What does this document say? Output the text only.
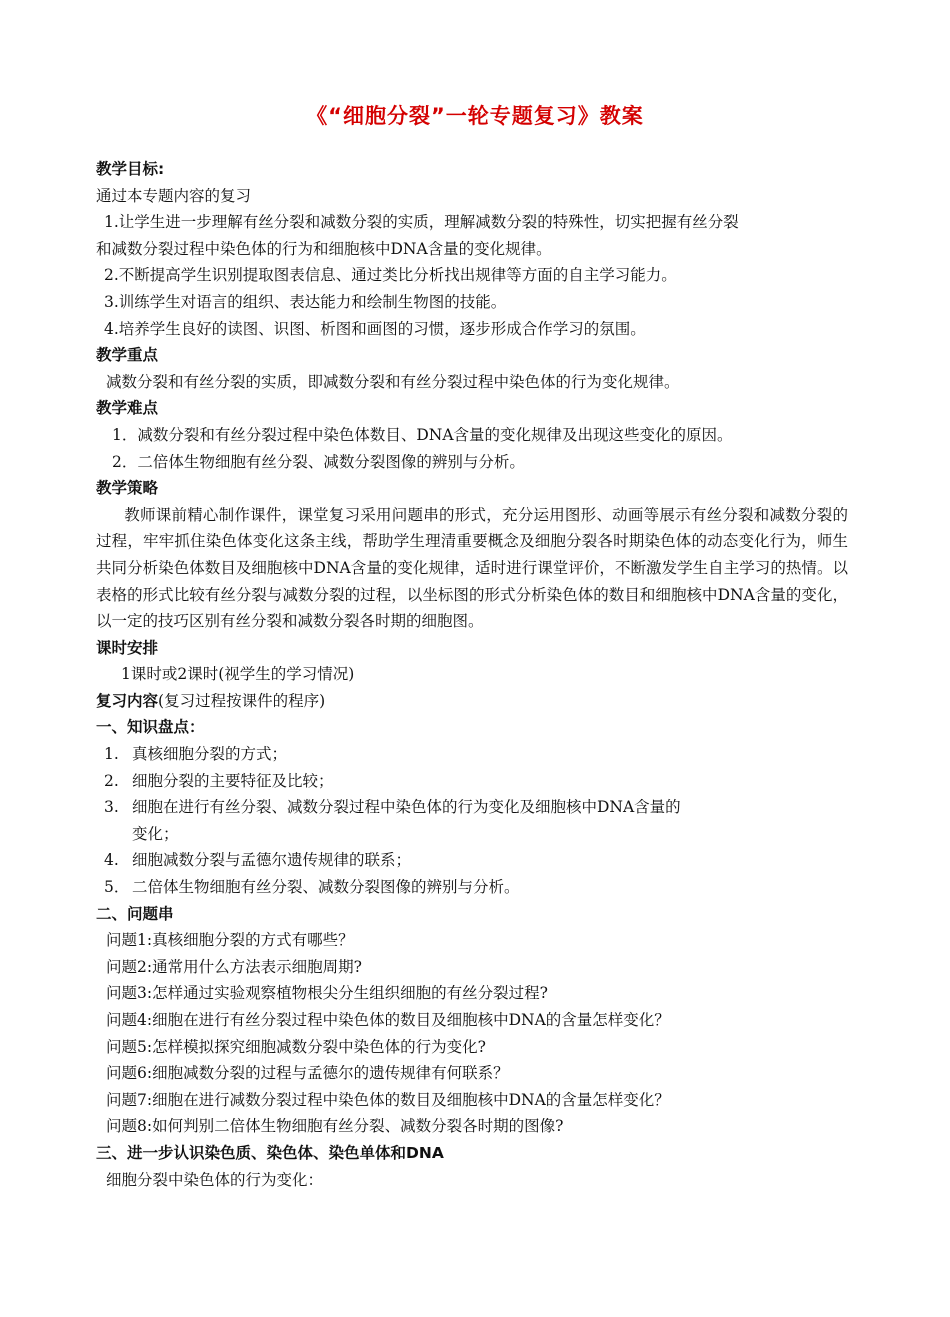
《“细胞分裂”一轮专题复习》教案
教学目标:
通过本专题内容的复习
1.让学生进一步理解有丝分裂和减数分裂的实质，理解减数分裂的特殊性，切实把握有丝分裂
和减数分裂过程中染色体的行为和细胞核中DNA含量的变化规律。
2.不断提高学生识别提取图表信息、通过类比分析找出规律等方面的自主学习能力。
3.训练学生对语言的组织、表达能力和绘制生物图的技能。
4.培养学生良好的读图、识图、析图和画图的习惯，逐步形成合作学习的氛围。
教学重点
减数分裂和有丝分裂的实质，即减数分裂和有丝分裂过程中染色体的行为变化规律。
教学难点
1．减数分裂和有丝分裂过程中染色体数目、DNA含量的变化规律及出现这些变化的原因。
2．二倍体生物细胞有丝分裂、减数分裂图像的辨别与分析。
教学策略
教师课前精心制作课件，课堂复习采用问题串的形式，充分运用图形、动画等展示有丝分裂和减数分裂的过程，牢牢抓住染色体变化这条主线，帮助学生理清重要概念及细胞分裂各时期染色体的动态变化行为，师生共同分析染色体数目及细胞核中DNA含量的变化规律，适时进行课堂评价，不断激发学生自主学习的热情。以表格的形式比较有丝分裂与减数分裂的过程，以坐标图的形式分析染色体的数目和细胞核中DNA含量的变化，以一定的技巧区别有丝分裂和减数分裂各时期的细胞图。
课时安排
1课时或2课时(视学生的学习情况)
复习内容(复习过程按课件的程序)
一、知识盘点：
1. 真核细胞分裂的方式；
2. 细胞分裂的主要特征及比较；
3. 细胞在进行有丝分裂、减数分裂过程中染色体的行为变化及细胞核中DNA含量的
变化；
4. 细胞减数分裂与孟德尔遗传规律的联系；
5． 二倍体生物细胞有丝分裂、减数分裂图像的辨别与分析。
二、问题串
问题1:真核细胞分裂的方式有哪些？
问题2:通常用什么方法表示细胞周期?
问题3:怎样通过实验观察植物根尖分生组织细胞的有丝分裂过程?
问题4:细胞在进行有丝分裂过程中染色体的数目及细胞核中DNA的含量怎样变化？
问题5:怎样模拟探究细胞减数分裂中染色体的行为变化?
问题6:细胞减数分裂的过程与孟德尔的遗传规律有何联系？
问题7:细胞在进行减数分裂过程中染色体的数目及细胞核中DNA的含量怎样变化？
问题8:如何判别二倍体生物细胞有丝分裂、减数分裂各时期的图像?
三、进一步认识染色质、染色体、染色单体和DNA
细胞分裂中染色体的行为变化：
